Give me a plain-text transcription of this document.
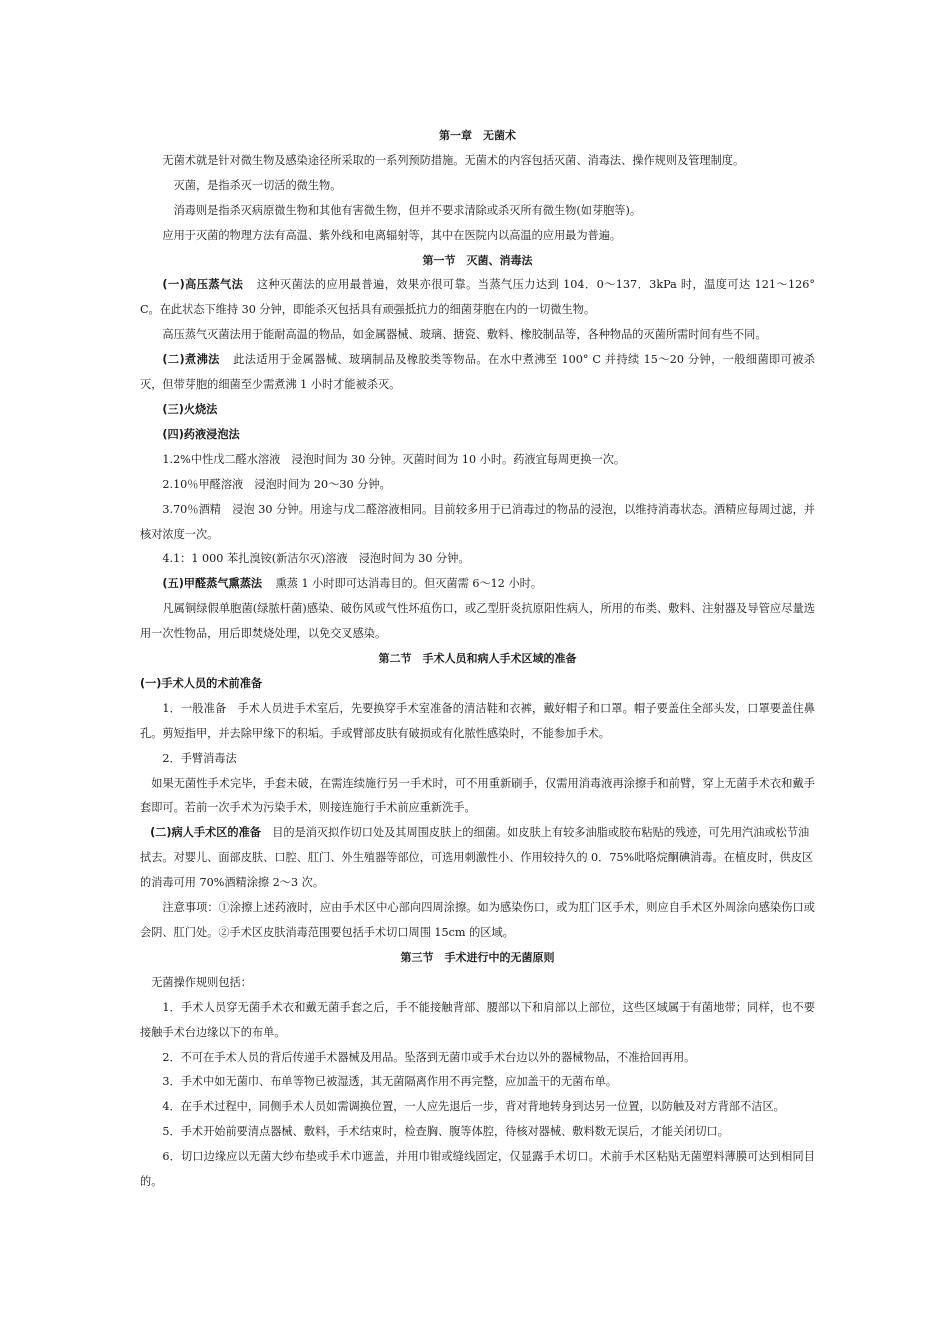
第一章　无菌术
无菌术就是针对微生物及感染途径所采取的一系列预防措施。无菌术的内容包括灭菌、消毒法、操作规则及管理制度。
灭菌，是指杀灭一切活的微生物。
消毒则是指杀灭病原微生物和其他有害微生物，但并不要求清除或杀灭所有微生物(如芽胞等)。
应用于灭菌的物理方法有高温、紫外线和电离辐射等，其中在医院内以高温的应用最为普遍。
第一节　灭菌、消毒法
(一)高压蒸气法 这种灭菌法的应用最普遍，效果亦很可靠。当蒸气压力达到 104．0～137．3kPa 时，温度可达 121～126° C。在此状态下维持 30 分钟，即能杀灭包括具有顽强抵抗力的细菌芽胞在内的一切微生物。
高压蒸气灭菌法用于能耐高温的物品，如金属器械、玻璃、搪瓷、敷料、橡胶制品等，各种物品的灭菌所需时间有些不同。
(二)煮沸法 此法适用于金属器械、玻璃制品及橡胶类等物品。在水中煮沸至 100° C 并持续 15～20 分钟，一般细菌即可被杀灭，但带芽胞的细菌至少需煮沸 1 小时才能被杀灭。
(三)火烧法
(四)药液浸泡法
1.2%中性戊二醛水溶液　浸泡时间为 30 分钟。灭菌时间为 10 小时。药液宜每周更换一次。
2.10％甲醛溶液　浸泡时间为 20～30 分钟。
3.70％酒精　浸泡 30 分钟。用途与戊二醛溶液相同。目前较多用于已消毒过的物品的浸泡，以维持消毒状态。酒精应每周过滤，并核对浓度一次。
4.1：1 000 苯扎溴铵(新洁尔灭)溶液　浸泡时间为 30 分钟。
(五)甲醛蒸气熏蒸法 熏蒸 1 小时即可达消毒目的。但灭菌需 6～12 小时。
凡属铜绿假单胞菌(绿脓杆菌)感染、破伤风或气性坏疽伤口，或乙型肝炎抗原阳性病人，所用的布类、敷料、注射器及导管应尽量选用一次性物品，用后即焚烧处理，以免交叉感染。
第二节　手术人员和病人手术区域的准备
(一)手术人员的术前准备
1．一般准备　手术人员进手术室后，先要换穿手术室准备的清洁鞋和衣裤，戴好帽子和口罩。帽子要盖住全部头发，口罩要盖住鼻孔。剪短指甲，并去除甲缘下的积垢。手或臂部皮肤有破损或有化脓性感染时，不能参加手术。
2．手臂消毒法
如果无菌性手术完毕，手套未破，在需连续施行另一手术时，可不用重新刷手，仅需用消毒液再涂擦手和前臂，穿上无菌手术衣和戴手套即可。若前一次手术为污染手术，则接连施行手术前应重新洗手。
(二)病人手术区的准备 目的是消灭拟作切口处及其周围皮肤上的细菌。如皮肤上有较多油脂或胶布粘贴的残迹，可先用汽油或松节油拭去。对婴儿、面部皮肤、口腔、肛门、外生殖器等部位，可选用刺激性小、作用较持久的 0．75%吡咯烷酮碘消毒。在植皮时，供皮区的消毒可用 70%酒精涂擦 2～3 次。
注意事项：①涂擦上述药液时，应由手术区中心部向四周涂擦。如为感染伤口，或为肛门区手术，则应自手术区外周涂向感染伤口或会阴、肛门处。②手术区皮肤消毒范围要包括手术切口周围 15cm 的区域。
第三节　手术进行中的无菌原则
无菌操作规则包括：
1．手术人员穿无菌手术衣和戴无菌手套之后，手不能接触背部、腰部以下和肩部以上部位，这些区域属于有菌地带；同样，也不要接触手术台边缘以下的布单。
2．不可在手术人员的背后传递手术器械及用品。坠落到无菌巾或手术台边以外的器械物品，不准拾回再用。
3．手术中如无菌巾、布单等物已被湿透，其无菌隔离作用不再完整，应加盖干的无菌布单。
4．在手术过程中，同侧手术人员如需调换位置，一人应先退后一步，背对背地转身到达另一位置，以防触及对方背部不洁区。
5．手术开始前要清点器械、敷料，手术结束时，检查胸、腹等体腔，待核对器械、敷料数无误后，才能关闭切口。
6．切口边缘应以无菌大纱布垫或手术巾遮盖，并用巾钳或缝线固定，仅显露手术切口。术前手术区粘贴无菌塑料薄膜可达到相同目的。
